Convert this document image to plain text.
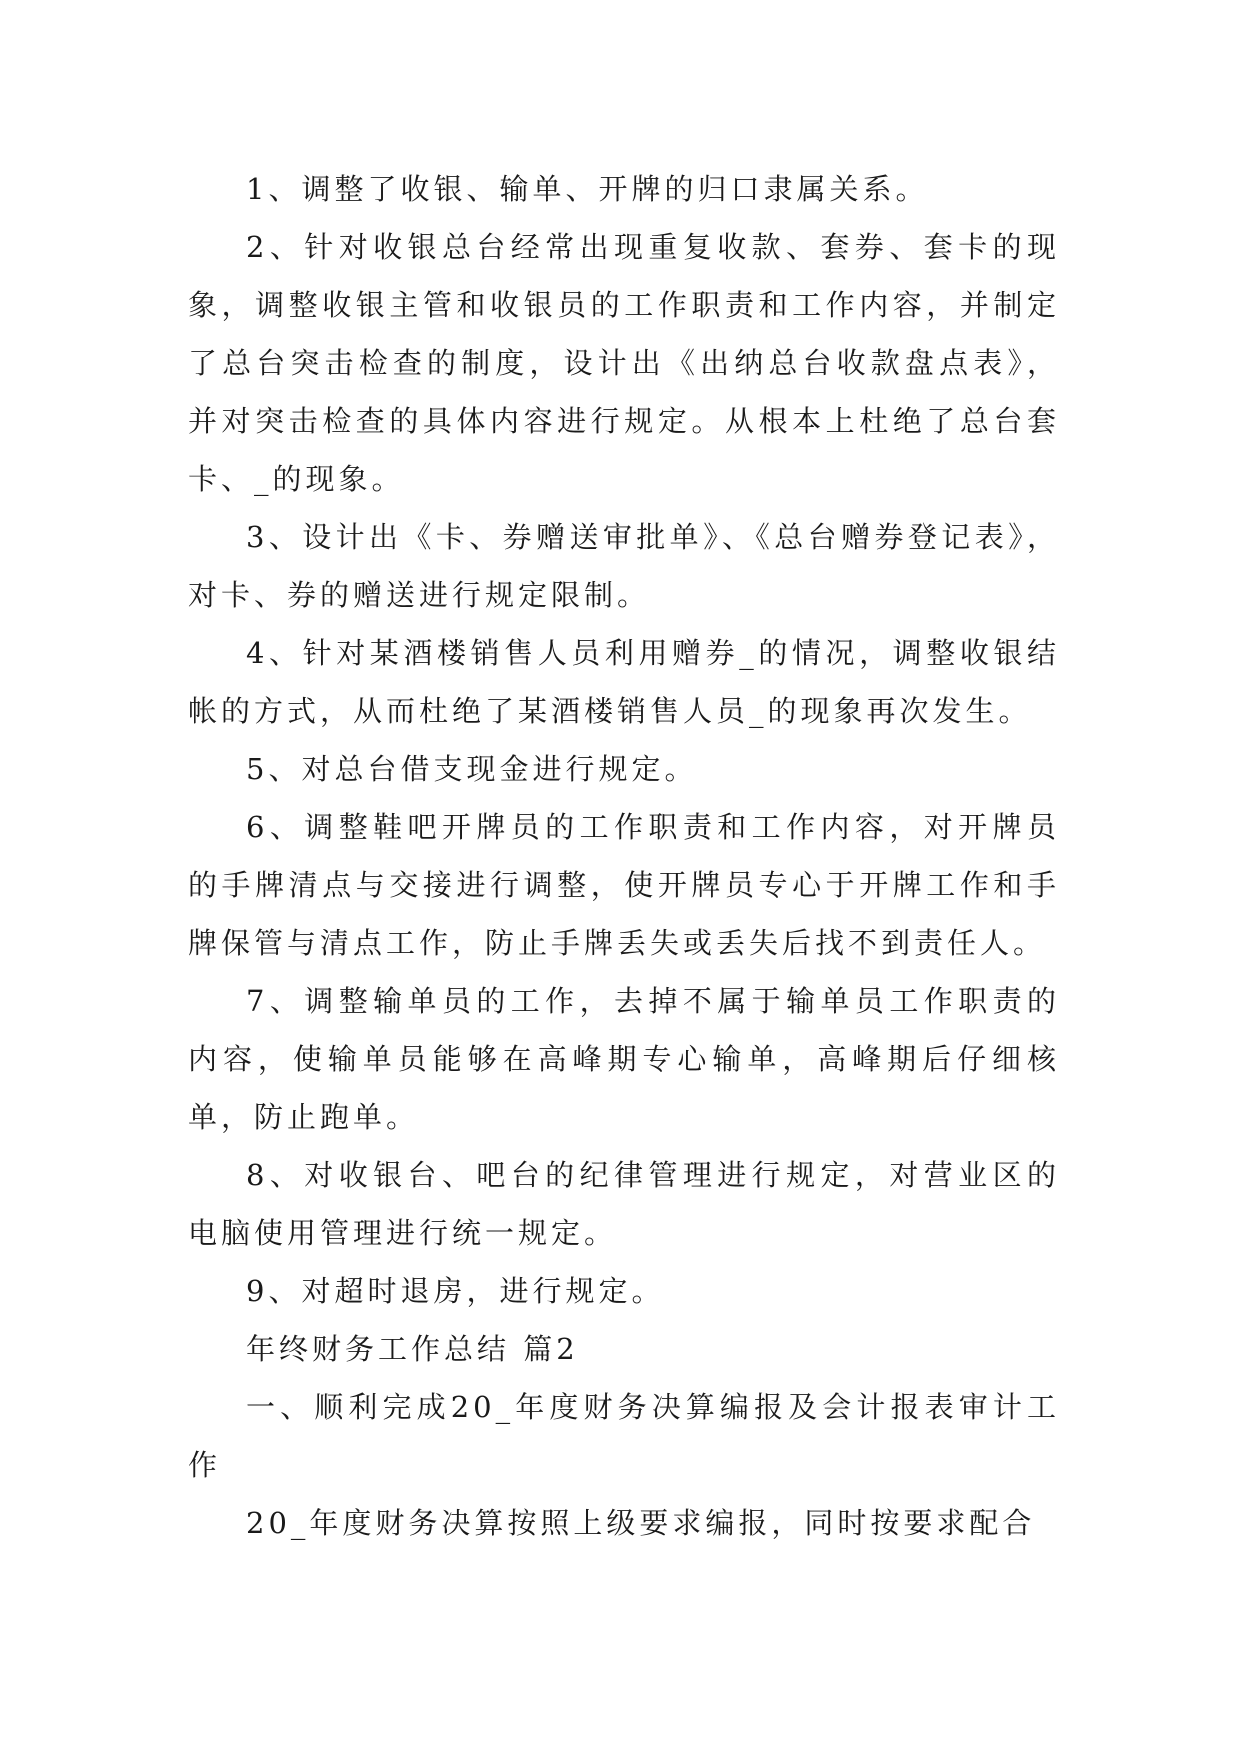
1、调整了收银、输单、开牌的归口隶属关系。

2、针对收银总台经常出现重复收款、套券、套卡的现象，调整收银主管和收银员的工作职责和工作内容，并制定了总台突击检查的制度，设计出《出纳总台收款盘点表》，并对突击检查的具体内容进行规定。从根本上杜绝了总台套卡、_的现象。

3、设计出《卡、券赠送审批单》、《总台赠券登记表》，对卡、券的赠送进行规定限制。

4、针对某酒楼销售人员利用赠券_的情况，调整收银结帐的方式，从而杜绝了某酒楼销售人员_的现象再次发生。

5、对总台借支现金进行规定。

6、调整鞋吧开牌员的工作职责和工作内容，对开牌员的手牌清点与交接进行调整，使开牌员专心于开牌工作和手牌保管与清点工作，防止手牌丢失或丢失后找不到责任人。

7、调整输单员的工作，去掉不属于输单员工作职责的内容，使输单员能够在高峰期专心输单，高峰期后仔细核单，防止跑单。

8、对收银台、吧台的纪律管理进行规定，对营业区的电脑使用管理进行统一规定。

9、对超时退房，进行规定。

年终财务工作总结 篇2

一、顺利完成20_年度财务决算编报及会计报表审计工作

20_年度财务决算按照上级要求编报，同时按要求配合
